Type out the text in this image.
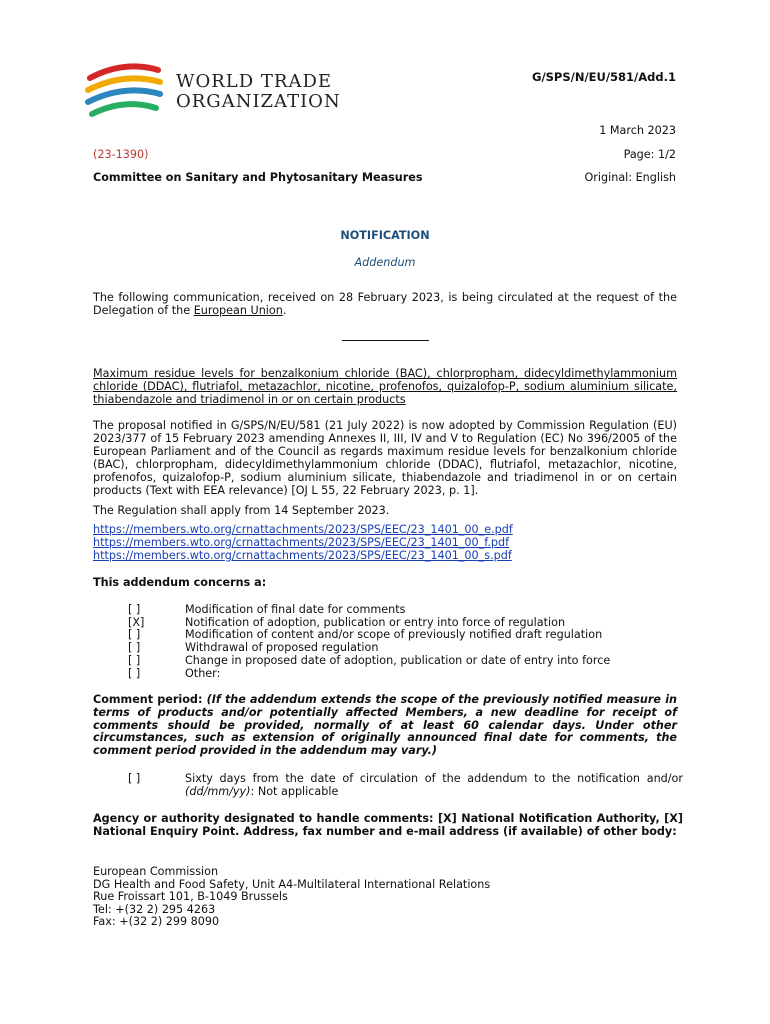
WORLD TRADE
ORGANIZATION
G/SPS/N/EU/581/Add.1
1 March 2023
(23-1390)	Page: 1/2
Committee on Sanitary and Phytosanitary Measures	Original: English
NOTIFICATION
Addendum
The following communication, received on 28 February 2023, is being circulated at the request of the Delegation of the European Union.
Maximum residue levels for benzalkonium chloride (BAC), chlorpropham, didecyldimethylammonium chloride (DDAC), flutriafol, metazachlor, nicotine, profenofos, quizalofop-P, sodium aluminium silicate, thiabendazole and triadimenol in or on certain products
The proposal notified in G/SPS/N/EU/581 (21 July 2022) is now adopted by Commission Regulation (EU) 2023/377 of 15 February 2023 amending Annexes II, III, IV and V to Regulation (EC) No 396/2005 of the European Parliament and of the Council as regards maximum residue levels for benzalkonium chloride (BAC), chlorpropham, didecyldimethylammonium chloride (DDAC), flutriafol, metazachlor, nicotine, profenofos, quizalofop-P, sodium aluminium silicate, thiabendazole and triadimenol in or on certain products (Text with EEA relevance) [OJ L 55, 22 February 2023, p. 1].
The Regulation shall apply from 14 September 2023.
https://members.wto.org/crnattachments/2023/SPS/EEC/23_1401_00_e.pdf
https://members.wto.org/crnattachments/2023/SPS/EEC/23_1401_00_f.pdf
https://members.wto.org/crnattachments/2023/SPS/EEC/23_1401_00_s.pdf
This addendum concerns a:
[ ]	Modification of final date for comments
[X]	Notification of adoption, publication or entry into force of regulation
[ ]	Modification of content and/or scope of previously notified draft regulation
[ ]	Withdrawal of proposed regulation
[ ]	Change in proposed date of adoption, publication or date of entry into force
[ ]	Other:
Comment period: (If the addendum extends the scope of the previously notified measure in terms of products and/or potentially affected Members, a new deadline for receipt of comments should be provided, normally of at least 60 calendar days. Under other circumstances, such as extension of originally announced final date for comments, the comment period provided in the addendum may vary.)
[ ]	Sixty days from the date of circulation of the addendum to the notification and/or (dd/mm/yy): Not applicable
Agency or authority designated to handle comments: [X] National Notification Authority, [X] National Enquiry Point. Address, fax number and e-mail address (if available) of other body:
European Commission
DG Health and Food Safety, Unit A4-Multilateral International Relations
Rue Froissart 101, B-1049 Brussels
Tel: +(32 2) 295 4263
Fax: +(32 2) 299 8090
